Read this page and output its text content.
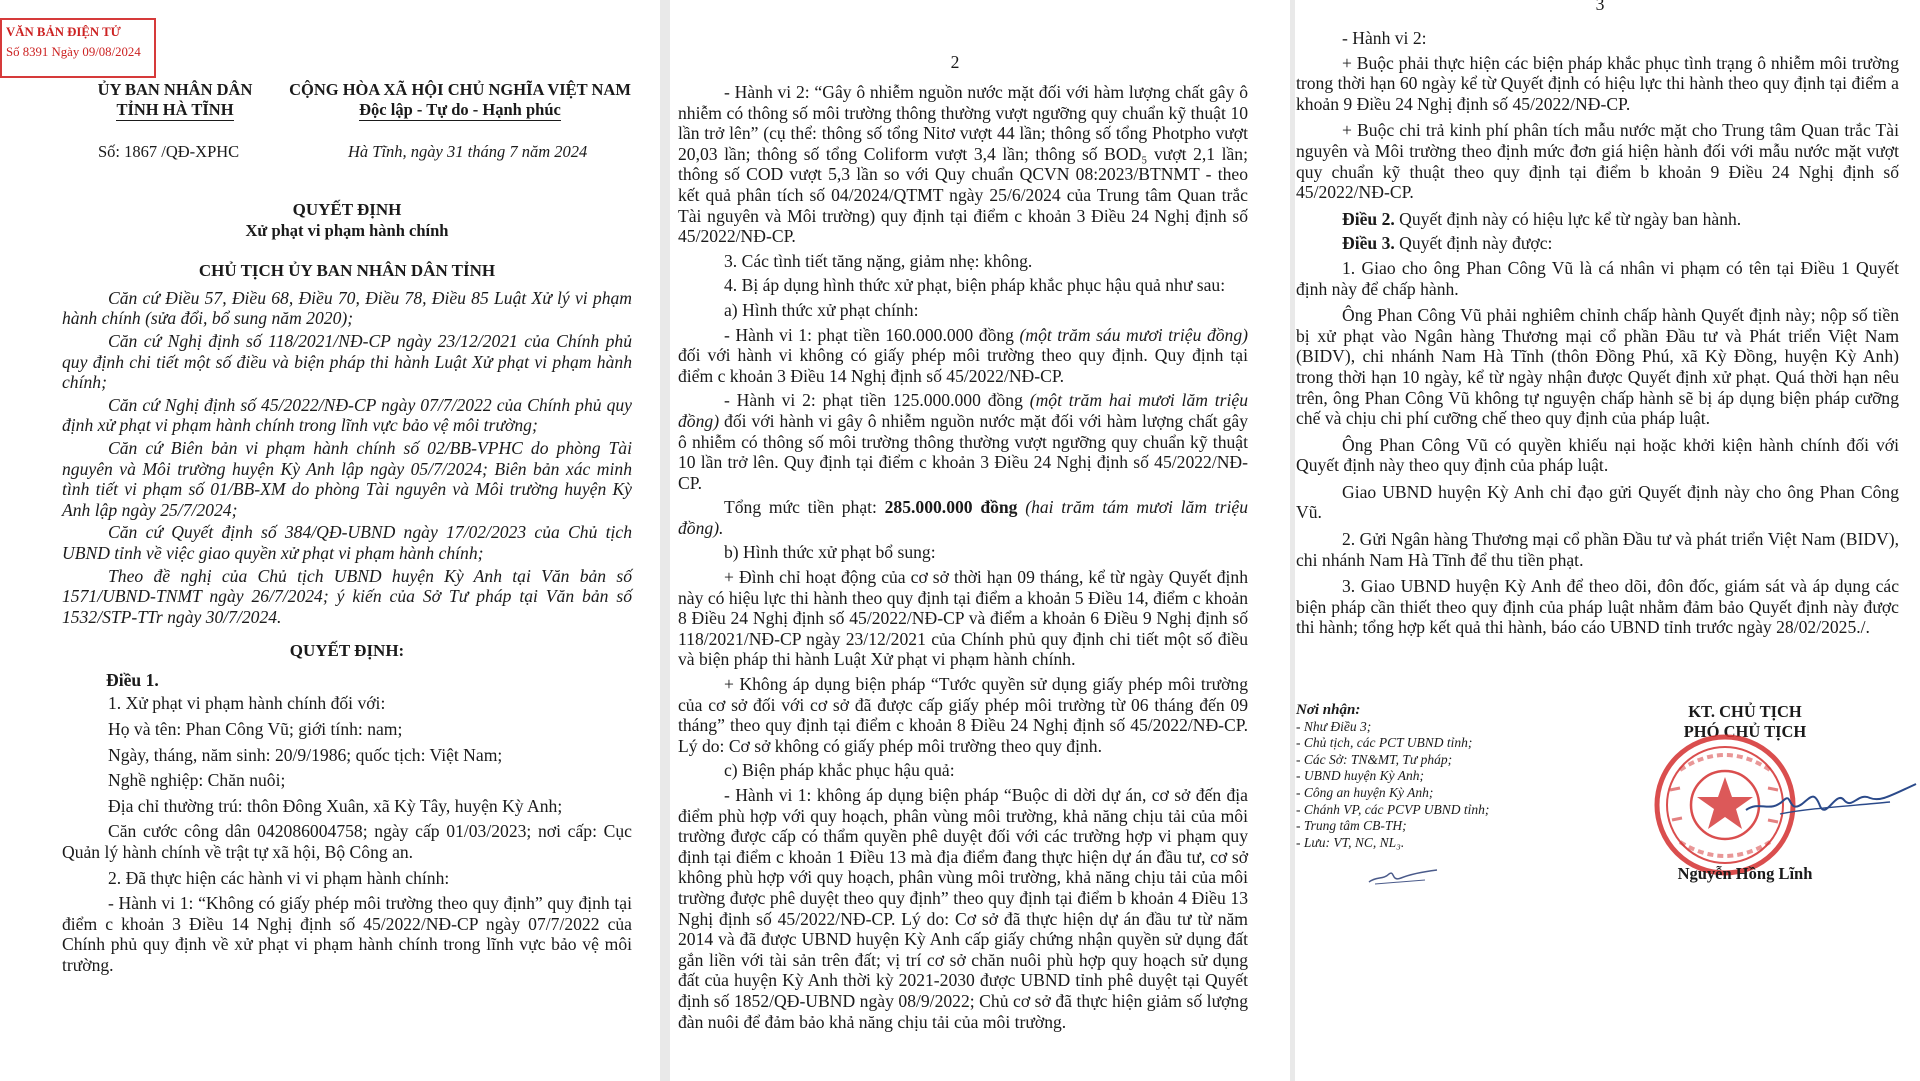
VĂN BẢN ĐIỆN TỬ
Số 8391 Ngày 09/08/2024
ỦY BAN NHÂN DÂN
TỈNH HÀ TĨNH
CỘNG HÒA XÃ HỘI CHỦ NGHĨA VIỆT NAM
Độc lập - Tự do - Hạnh phúc

Số: 1867 /QĐ-XPHC	Hà Tĩnh, ngày 31 tháng 7 năm 2024

QUYẾT ĐỊNH

Xử phạt vi phạm hành chính

CHỦ TỊCH ỦY BAN NHÂN DÂN TỈNH

Căn cứ Điều 57, Điều 68, Điều 70, Điều 78, Điều 85 Luật Xử lý vi phạm hành chính (sửa đổi, bổ sung năm 2020);

Căn cứ Nghị định số 118/2021/NĐ-CP ngày 23/12/2021 của Chính phủ quy định chi tiết một số điều và biện pháp thi hành Luật Xử phạt vi phạm hành chính;

Căn cứ Nghị định số 45/2022/NĐ-CP ngày 07/7/2022 của Chính phủ quy định xử phạt vi phạm hành chính trong lĩnh vực bảo vệ môi trường;

Căn cứ Biên bản vi phạm hành chính số 02/BB-VPHC do phòng Tài nguyên và Môi trường huyện Kỳ Anh lập ngày 05/7/2024; Biên bản xác minh tình tiết vi phạm số 01/BB-XM do phòng Tài nguyên và Môi trường huyện Kỳ Anh lập ngày 25/7/2024;

Căn cứ Quyết định số 384/QĐ-UBND ngày 17/02/2023 của Chủ tịch UBND tỉnh về việc giao quyền xử phạt vi phạm hành chính;

Theo đề nghị của Chủ tịch UBND huyện Kỳ Anh tại Văn bản số 1571/UBND-TNMT ngày 26/7/2024; ý kiến của Sở Tư pháp tại Văn bản số 1532/STP-TTr ngày 30/7/2024.

QUYẾT ĐỊNH:

Điều 1.

1. Xử phạt vi phạm hành chính đối với:

Họ và tên: Phan Công Vũ; giới tính: nam;

Ngày, tháng, năm sinh: 20/9/1986; quốc tịch: Việt Nam;

Nghề nghiệp: Chăn nuôi;

Địa chỉ thường trú: thôn Đông Xuân, xã Kỳ Tây, huyện Kỳ Anh;

Căn cước công dân 042086004758; ngày cấp 01/03/2023; nơi cấp: Cục Quản lý hành chính về trật tự xã hội, Bộ Công an.

2. Đã thực hiện các hành vi vi phạm hành chính:

- Hành vi 1: “Không có giấy phép môi trường theo quy định” quy định tại điểm c khoản 3 Điều 14 Nghị định số 45/2022/NĐ-CP ngày 07/7/2022 của Chính phủ quy định về xử phạt vi phạm hành chính trong lĩnh vực bảo vệ môi trường.

2

- Hành vi 2: “Gây ô nhiễm nguồn nước mặt đối với hàm lượng chất gây ô nhiễm có thông số môi trường thông thường vượt ngưỡng quy chuẩn kỹ thuật 10 lần trở lên” (cụ thể: thông số tổng Nitơ vượt 44 lần; thông số tổng Photpho vượt 20,03 lần; thông số tổng Coliform vượt 3,4 lần; thông số BOD₅ vượt 2,1 lần; thông số COD vượt 5,3 lần so với Quy chuẩn QCVN 08:2023/BTNMT - theo kết quả phân tích số 04/2024/QTMT ngày 25/6/2024 của Trung tâm Quan trắc Tài nguyên và Môi trường) quy định tại điểm c khoản 3 Điều 24 Nghị định số 45/2022/NĐ-CP.

3. Các tình tiết tăng nặng, giảm nhẹ: không.

4. Bị áp dụng hình thức xử phạt, biện pháp khắc phục hậu quả như sau:

a) Hình thức xử phạt chính:

- Hành vi 1: phạt tiền 160.000.000 đồng (một trăm sáu mươi triệu đồng) đối với hành vi không có giấy phép môi trường theo quy định. Quy định tại điểm c khoản 3 Điều 14 Nghị định số 45/2022/NĐ-CP.

- Hành vi 2: phạt tiền 125.000.000 đồng (một trăm hai mươi lăm triệu đồng) đối với hành vi gây ô nhiễm nguồn nước mặt đối với hàm lượng chất gây ô nhiễm có thông số môi trường thông thường vượt ngưỡng quy chuẩn kỹ thuật 10 lần trở lên. Quy định tại điểm c khoản 3 Điều 24 Nghị định số 45/2022/NĐ-CP.

Tổng mức tiền phạt: 285.000.000 đồng (hai trăm tám mươi lăm triệu đồng).

b) Hình thức xử phạt bổ sung:

+ Đình chỉ hoạt động của cơ sở thời hạn 09 tháng, kể từ ngày Quyết định này có hiệu lực thi hành theo quy định tại điểm a khoản 5 Điều 14, điểm c khoản 8 Điều 24 Nghị định số 45/2022/NĐ-CP và điểm a khoản 6 Điều 9 Nghị định số 118/2021/NĐ-CP ngày 23/12/2021 của Chính phủ quy định chi tiết một số điều và biện pháp thi hành Luật Xử phạt vi phạm hành chính.

+ Không áp dụng biện pháp “Tước quyền sử dụng giấy phép môi trường của cơ sở đối với cơ sở đã được cấp giấy phép môi trường từ 06 tháng đến 09 tháng” theo quy định tại điểm c khoản 8 Điều 24 Nghị định số 45/2022/NĐ-CP. Lý do: Cơ sở không có giấy phép môi trường theo quy định.

c) Biện pháp khắc phục hậu quả:

- Hành vi 1: không áp dụng biện pháp “Buộc di dời dự án, cơ sở đến địa điểm phù hợp với quy hoạch, phân vùng môi trường, khả năng chịu tải của môi trường được cấp có thẩm quyền phê duyệt đối với các trường hợp vi phạm quy định tại điểm c khoản 1 Điều 13 mà địa điểm đang thực hiện dự án đầu tư, cơ sở không phù hợp với quy hoạch, phân vùng môi trường, khả năng chịu tải của môi trường được phê duyệt theo quy định” theo quy định tại điểm b khoản 4 Điều 13 Nghị định số 45/2022/NĐ-CP. Lý do: Cơ sở đã thực hiện dự án đầu tư từ năm 2014 và đã được UBND huyện Kỳ Anh cấp giấy chứng nhận quyền sử dụng đất gắn liền với tài sản trên đất; vị trí cơ sở chăn nuôi phù hợp quy hoạch sử dụng đất của huyện Kỳ Anh thời kỳ 2021-2030 được UBND tỉnh phê duyệt tại Quyết định số 1852/QĐ-UBND ngày 08/9/2022; Chủ cơ sở đã thực hiện giảm số lượng đàn nuôi để đảm bảo khả năng chịu tải của môi trường.

3

- Hành vi 2:

+ Buộc phải thực hiện các biện pháp khắc phục tình trạng ô nhiễm môi trường trong thời hạn 60 ngày kể từ Quyết định có hiệu lực thi hành theo quy định tại điểm a khoản 9 Điều 24 Nghị định số 45/2022/NĐ-CP.

+ Buộc chi trả kinh phí phân tích mẫu nước mặt cho Trung tâm Quan trắc Tài nguyên và Môi trường theo định mức đơn giá hiện hành đối với mẫu nước mặt vượt quy chuẩn kỹ thuật theo quy định tại điểm b khoản 9 Điều 24 Nghị định số 45/2022/NĐ-CP.

Điều 2. Quyết định này có hiệu lực kể từ ngày ban hành.

Điều 3. Quyết định này được:

1. Giao cho ông Phan Công Vũ là cá nhân vi phạm có tên tại Điều 1 Quyết định này để chấp hành.

Ông Phan Công Vũ phải nghiêm chỉnh chấp hành Quyết định này; nộp số tiền bị xử phạt vào Ngân hàng Thương mại cổ phần Đầu tư và Phát triển Việt Nam (BIDV), chi nhánh Nam Hà Tĩnh (thôn Đồng Phú, xã Kỳ Đồng, huyện Kỳ Anh) trong thời hạn 10 ngày, kể từ ngày nhận được Quyết định xử phạt. Quá thời hạn nêu trên, ông Phan Công Vũ không tự nguyện chấp hành sẽ bị áp dụng biện pháp cưỡng chế và chịu chi phí cưỡng chế theo quy định của pháp luật.

Ông Phan Công Vũ có quyền khiếu nại hoặc khởi kiện hành chính đối với Quyết định này theo quy định của pháp luật.

Giao UBND huyện Kỳ Anh chỉ đạo gửi Quyết định này cho ông Phan Công Vũ.

2. Gửi Ngân hàng Thương mại cổ phần Đầu tư và phát triển Việt Nam (BIDV), chi nhánh Nam Hà Tĩnh để thu tiền phạt.

3. Giao UBND huyện Kỳ Anh để theo dõi, đôn đốc, giám sát và áp dụng các biện pháp cần thiết theo quy định của pháp luật nhằm đảm bảo Quyết định này được thi hành; tổng hợp kết quả thi hành, báo cáo UBND tỉnh trước ngày 28/02/2025./.

Nơi nhận:
- Như Điều 3;
- Chủ tịch, các PCT UBND tỉnh;
- Các Sở: TN&MT, Tư pháp;
- UBND huyện Kỳ Anh;
- Công an huyện Kỳ Anh;
- Chánh VP, các PCVP UBND tỉnh;
- Trung tâm CB-TH;
- Lưu: VT, NC, NL₃.
KT. CHỦ TỊCH
PHÓ CHỦ TỊCH
Nguyễn Hồng Lĩnh
